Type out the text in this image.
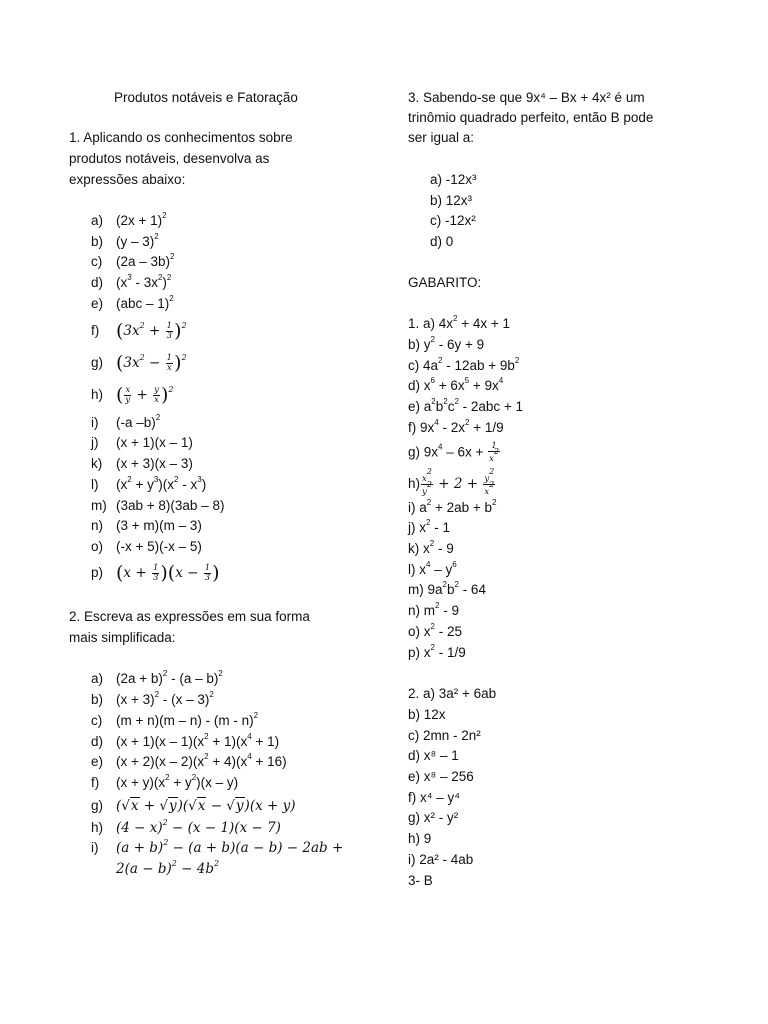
Produtos notáveis e Fatoração
1. Aplicando os conhecimentos sobre
produtos notáveis, desenvolva as
expressões abaixo:
a) $(2x + 1)^2$
b) (y – 3)$^2$
c) (2a – 3b)$^2$
d) $(x^3 - 3x^2)^2$
e) (abc – 1)$^2$
f) $(3x^2 + \frac{1}{3} )^2$
g) $(3x^2 - \frac{1}{x} )^2$
h) ( $\frac{x}{y} + \frac{y}{x} )^2$
i) (-a –b)$^2$
j) (x + 1)(x – 1)
k) (x + 3)(x – 3)
l) $(x^2 + y^3)(x^2 - x^3)$
m) (3ab + 8)(3ab – 8)
n) (3 + m)(m – 3)
o) (-x + 5)(-x – 5)
p) $(x + \frac{1}{3} )(x - \frac{1}{3}$ )
2. Escreva as expressões em sua forma
mais simplificada:
a) $(2a + b)^2 - (a - b)^2$
b) $(x + 3)^2 - (x - 3)^2$
c) (m + n)(m – n) - (m - n)$^2$
d) $(x + 1)(x - 1)(x^2 + 1)(x^4 + 1)$
e) $(x + 2)(x - 2)(x^2 + 4)(x^4 + 16)$
f) $(x + y)(x^2 + y^2)(x - y)$
g) (√x + √y)(√x − √y)(x + y)
h) $(4 - x)^2 - (x - 1)(x - 7)$
i) $(a + b)^2 - (a + b)(a - b) - 2ab$ +
$2(a - b)^2 - 4b^2$
3. Sabendo-se que 9x⁴ – Bx + 4x² é um
trinômio quadrado perfeito, então B pode
ser igual a:
a) -12x³
b) 12x³
c) -12x²
d) 0
GABARITO:
1. a) $4x^2 + 4x + 1$
b) $y^2 - 6y + 9$
c) $4a^2 - 12ab + 9b^2$
d) $x^6 + 6x^5 + 9x^4$
e) $a^2b^2c^2 - 2abc + 1$
f) $9x^4 - 2x^2 + 1/9$
g) $9x^4 - 6x + \frac{1}{x^2}$
$h) \frac{x^2}{y^2} + 2 + \frac{y^2}{x^2}$
i) $a^2 + 2ab + b^2$
j) $x^2 - 1$
k) $x^2 - 9$
l) $x^4 - y^6$
m) $9a^2b^2 - 64$
n) $m^2 - 9$
o) $x^2 - 25$
p) $x^2 - 1/9$
2. a) 3a² + 6ab
b) 12x
c) 2mn - 2n²
d) x⁸ – 1
e) x⁸ – 256
f) x⁴ – y⁴
g) x² - y²
h) 9
i) 2a² - 4ab
3- B
